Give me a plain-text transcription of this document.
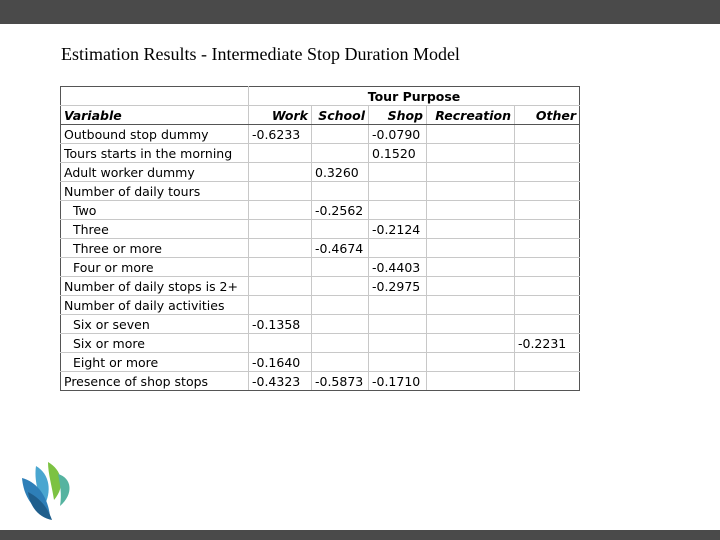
Estimation Results - Intermediate Stop Duration Model
	Tour Purpose				
Variable	Work	School	Shop	Recreation	Other
Outbound stop dummy	-0.6233		-0.0790		
Tours starts in the morning			0.1520		
Adult worker dummy		0.3260			
Number of daily tours					
Two		-0.2562			
Three			-0.2124		
Three or more		-0.4674			
Four or more			-0.4403		
Number of daily stops is 2+			-0.2975		
Number of daily activities					
Six or seven	-0.1358				
Six or more					-0.2231
Eight or more	-0.1640				
Presence of shop stops	-0.4323	-0.5873	-0.1710		
